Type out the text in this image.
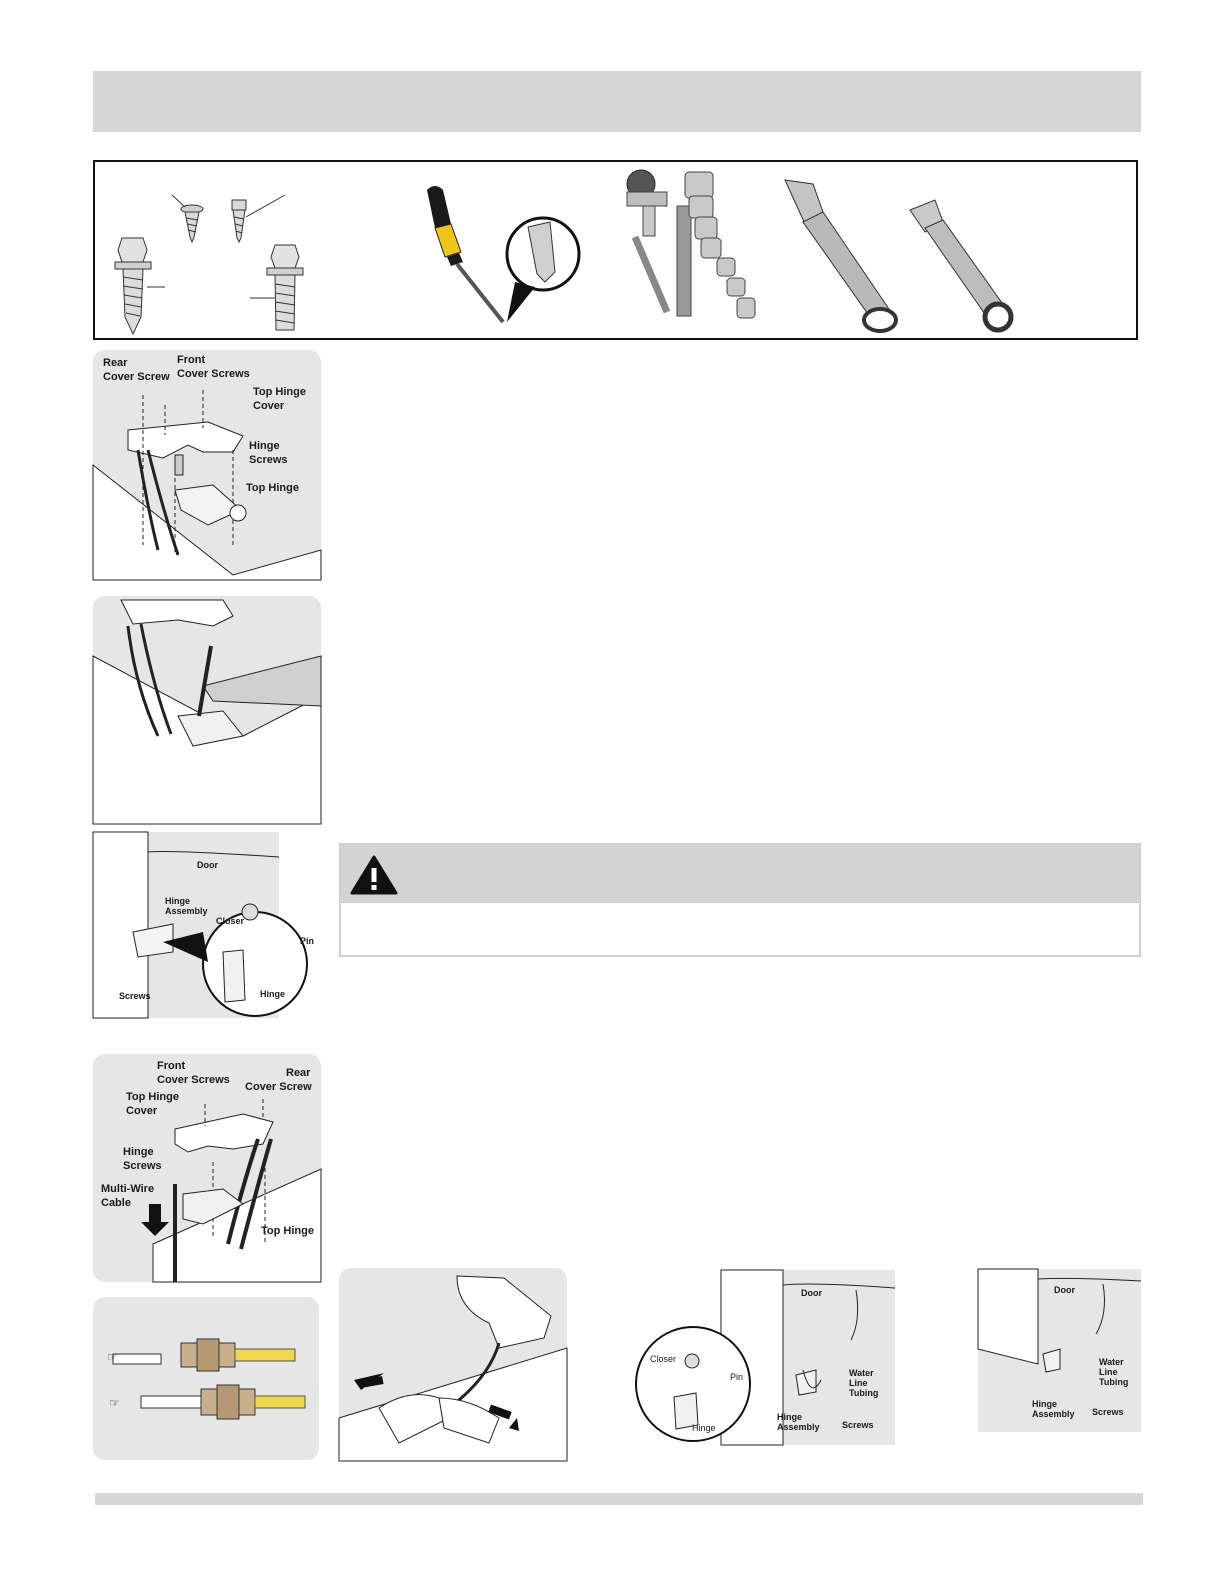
Rear
Cover Screw
Front
Cover Screws
Top Hinge
Cover
Hinge
Screws
Top Hinge
Door
Hinge
Assembly
Closer
Pin
Hinge
Screws
Front
Cover Screws
Rear
Cover Screw
Top Hinge
Cover
Hinge
Screws
Multi-Wire
Cable
Top Hinge
☞
☞
Door
Water
Line
Tubing
Hinge
Assembly Screws
Closer
Pin
Hinge
Door
Water
Line
Tubing
Hinge
Assembly Screws
